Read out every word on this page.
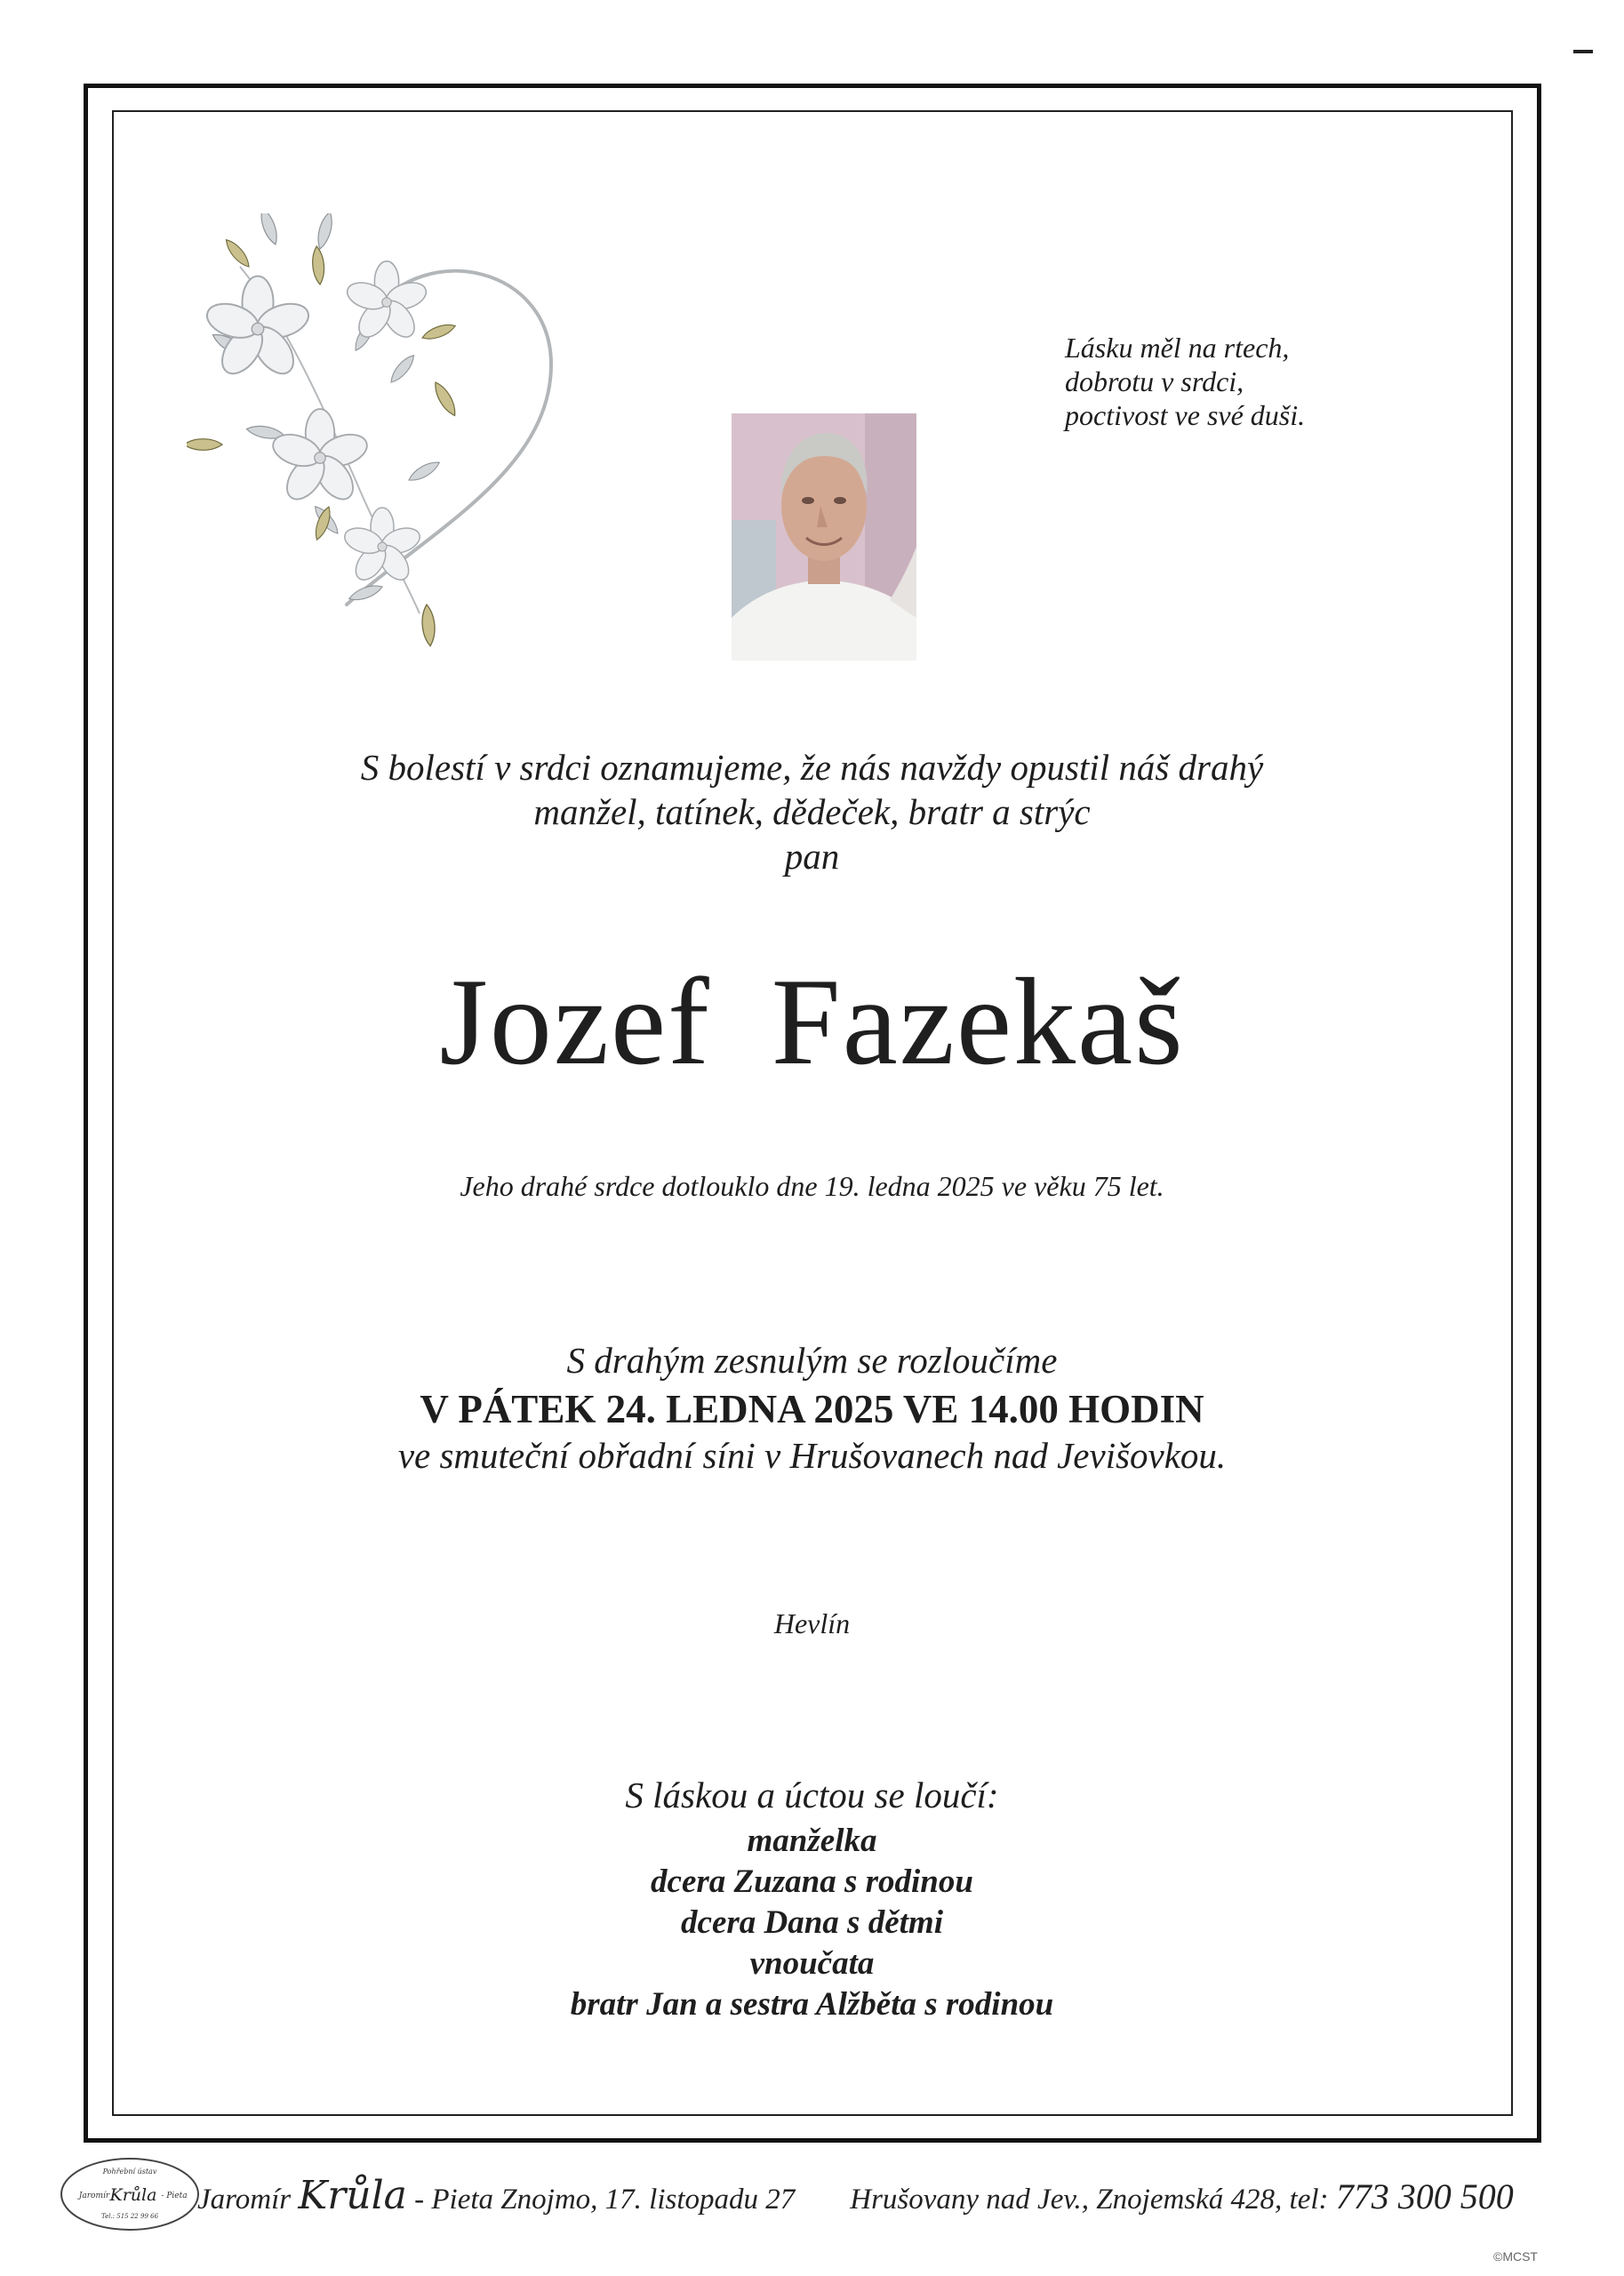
Lásku měl na rtech,
dobrotu v srdci,
poctivost ve své duši.
S bolestí v srdci oznamujeme, že nás navždy opustil náš drahý
manžel, tatínek, dědeček, bratr a strýc
pan
Jozef Fazekaš
Jeho drahé srdce dotlouklo dne 19. ledna 2025 ve věku 75 let.
S drahým zesnulým se rozloučíme
V PÁTEK 24. LEDNA 2025 VE 14.00 HODIN
ve smuteční obřadní síni v Hrušovanech nad Jevišovkou.
Hevlín
S láskou a úctou se loučí:
manželka
dcera Zuzana s rodinou
dcera Dana s dětmi
vnoučata
bratr Jan a sestra Alžběta s rodinou
Pohřební ústav
Jaromír Krůla - Pieta
Tel.: 515 22 99 66
Jaromír Krůla - Pieta Znojmo, 17. listopadu 27 Hrušovany nad Jev., Znojemská 428, tel: 773 300 500
©MCST
